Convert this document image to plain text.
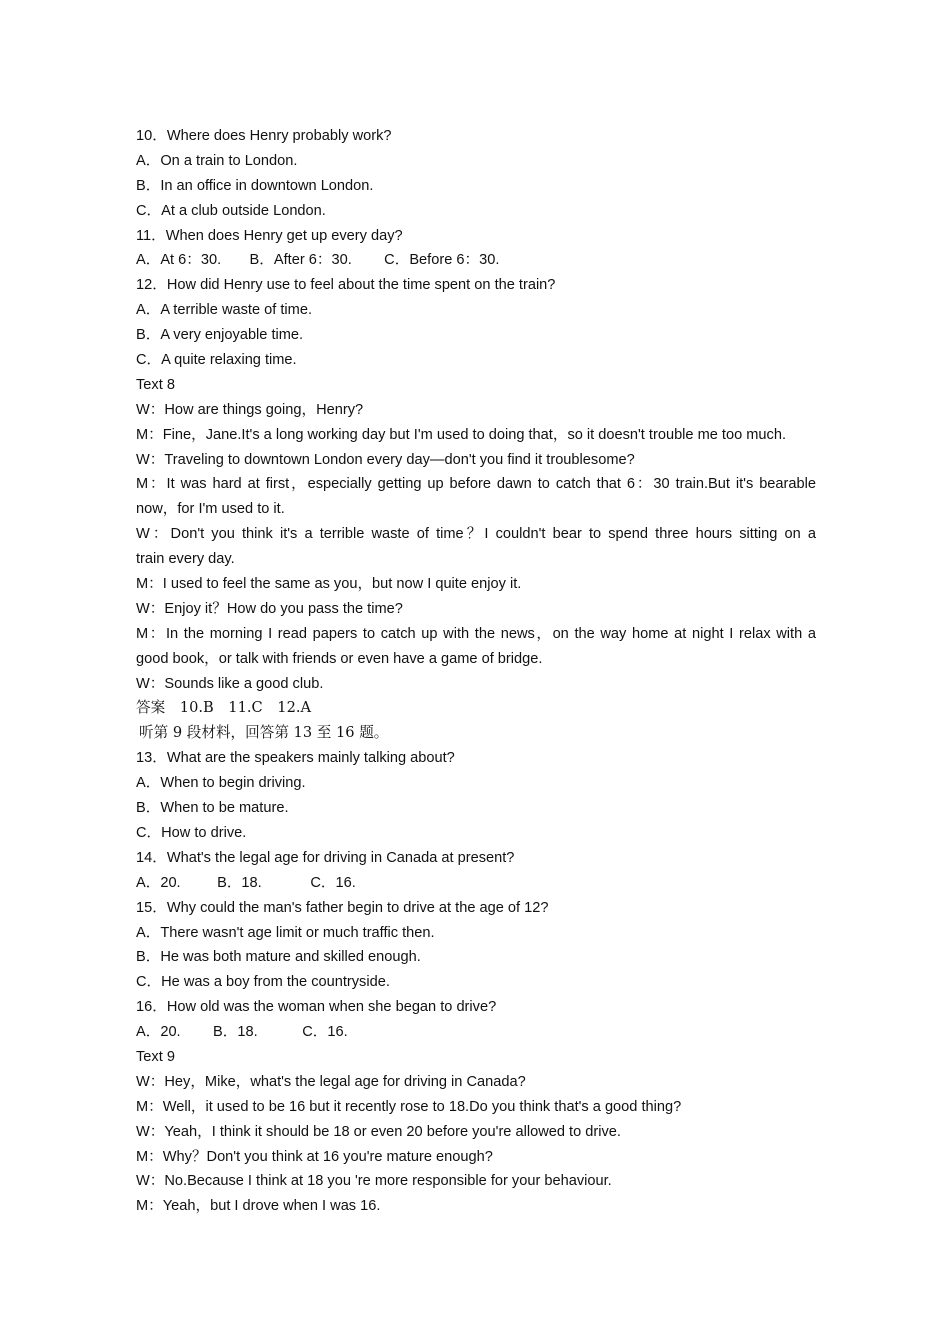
10．Where does Henry probably work?
A．On a train to London.
B．In an office in downtown London.
C．At a club outside London.
11．When does Henry get up every day?
A．At 6：30.       B．After 6：30.        C．Before 6：30.
12．How did Henry use to feel about the time spent on the train?
A．A terrible waste of time.
B．A very enjoyable time.
C．A quite relaxing time.
Text 8
W：How are things going，Henry?
M：Fine，Jane.It's a long working day but I'm used to doing that，so it doesn't trouble me too much.
W：Traveling to downtown London every day—don't you find it troublesome?
M：It was hard at first，especially getting up before dawn to catch that 6：30 train.But it's bearable
now，for I'm used to it.
W：Don't you think it's a terrible waste of time？I couldn't bear to spend three hours sitting on a
train every day.
M：I used to feel the same as you，but now I quite enjoy it.
W：Enjoy it？How do you pass the time?
M：In the morning I read papers to catch up with the news，on the way home at night I relax with a
good book，or talk with friends or even have a game of bridge.
W：Sounds like a good club.
答案　10.B　11.C　12.A
听第 9 段材料，回答第 13 至 16 题。
13．What are the speakers mainly talking about?
A．When to begin driving.
B．When to be mature.
C．How to drive.
14．What's the legal age for driving in Canada at present?
A．20.         B．18.            C．16.
15．Why could the man's father begin to drive at the age of 12?
A．There wasn't age limit or much traffic then.
B．He was both mature and skilled enough.
C．He was a boy from the countryside.
16．How old was the woman when she began to drive?
A．20.        B．18.           C．16.
Text 9
W：Hey，Mike，what's the legal age for driving in Canada?
M：Well，it used to be 16 but it recently rose to 18.Do you think that's a good thing?
W：Yeah，I think it should be 18 or even 20 before you're allowed to drive.
M：Why？Don't you think at 16 you're mature enough?
W：No.Because I think at 18 you 're more responsible for your behaviour.
M：Yeah，but I drove when I was 16.
